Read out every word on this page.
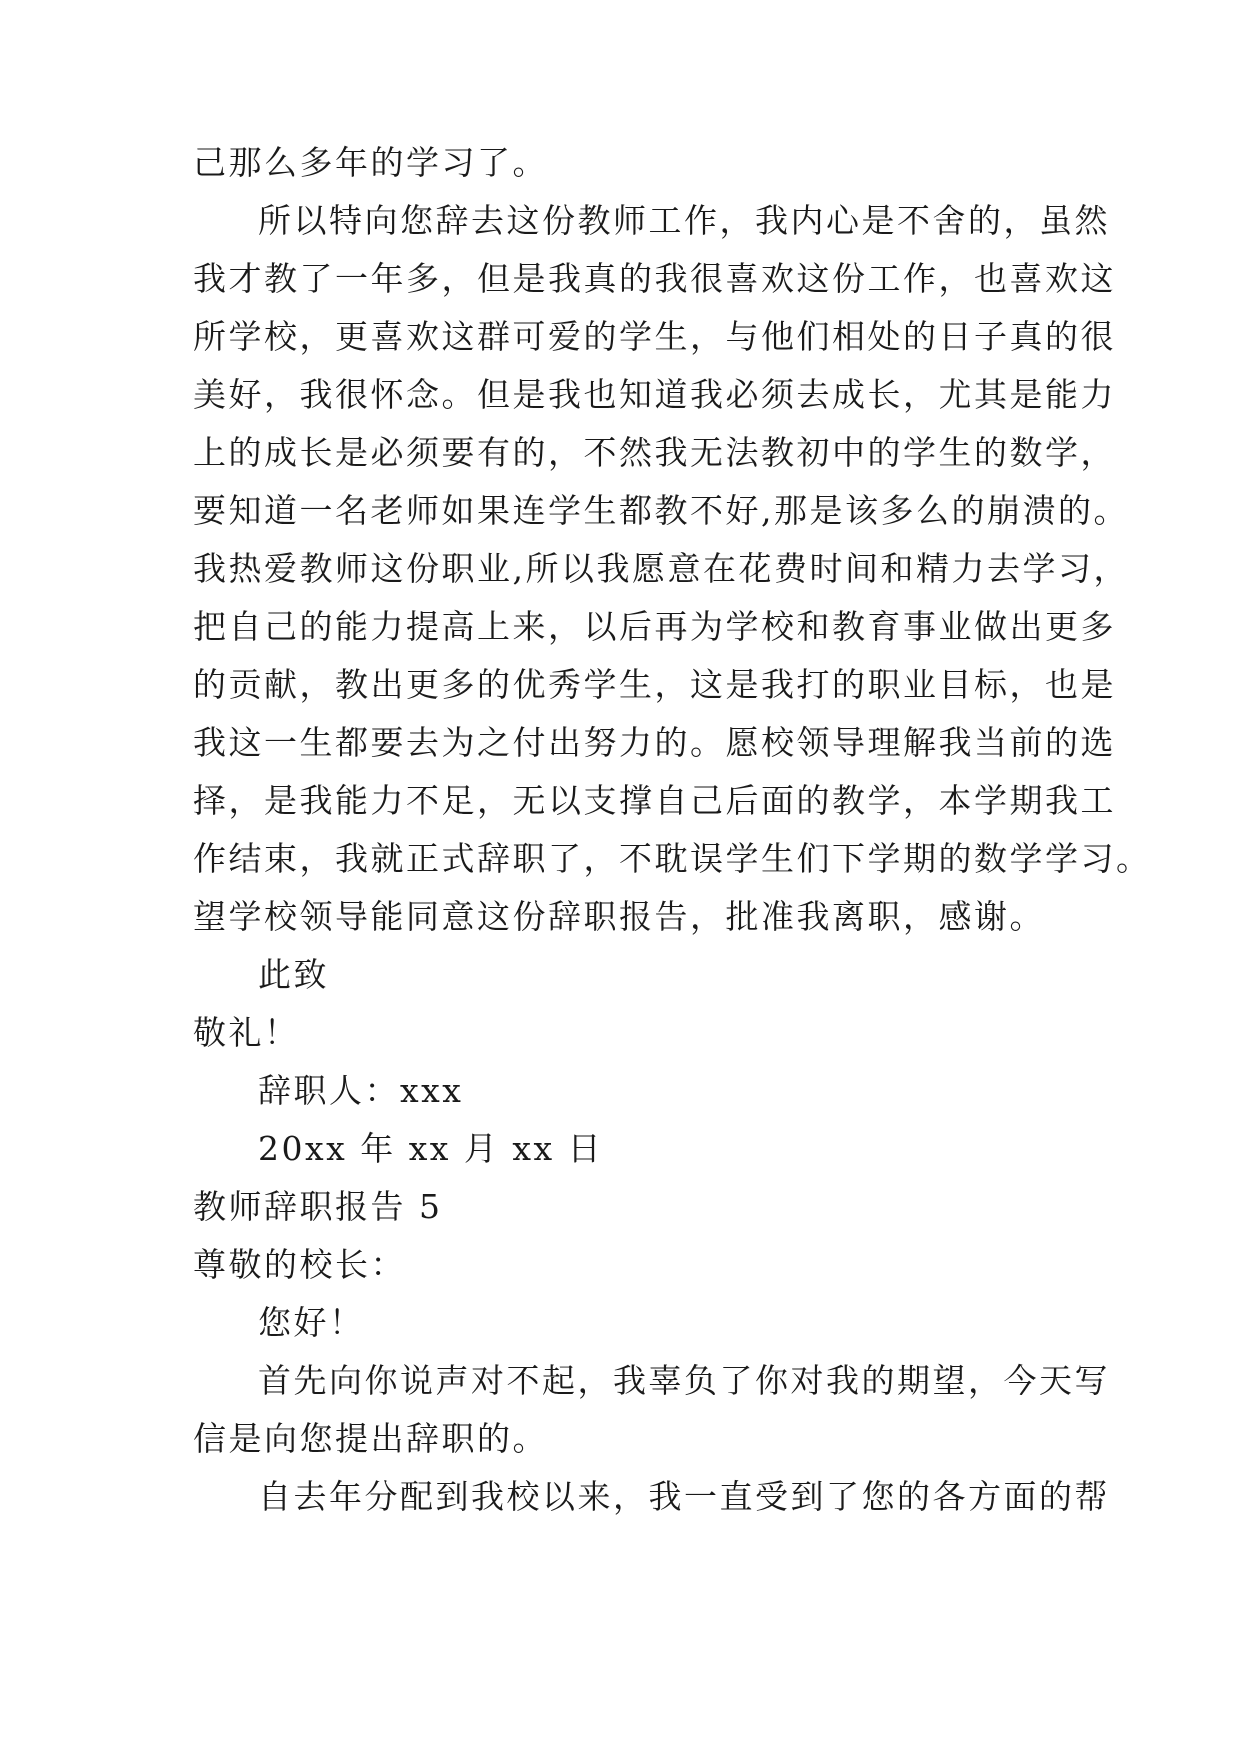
己那么多年的学习了。
所以特向您辞去这份教师工作，我内心是不舍的，虽然
我才教了一年多，但是我真的我很喜欢这份工作，也喜欢这
所学校，更喜欢这群可爱的学生，与他们相处的日子真的很
美好，我很怀念。但是我也知道我必须去成长，尤其是能力
上的成长是必须要有的，不然我无法教初中的学生的数学，
要知道一名老师如果连学生都教不好,那是该多么的崩溃的。
我热爱教师这份职业,所以我愿意在花费时间和精力去学习，
把自己的能力提高上来，以后再为学校和教育事业做出更多
的贡献，教出更多的优秀学生，这是我打的职业目标，也是
我这一生都要去为之付出努力的。愿校领导理解我当前的选
择，是我能力不足，无以支撑自己后面的教学，本学期我工
作结束，我就正式辞职了，不耽误学生们下学期的数学学习。
望学校领导能同意这份辞职报告，批准我离职，感谢。
此致
敬礼！
辞职人：xxx
20xx 年 xx 月 xx 日
教师辞职报告 5
尊敬的校长：
您好！
首先向你说声对不起，我辜负了你对我的期望，今天写
信是向您提出辞职的。
自去年分配到我校以来，我一直受到了您的各方面的帮
